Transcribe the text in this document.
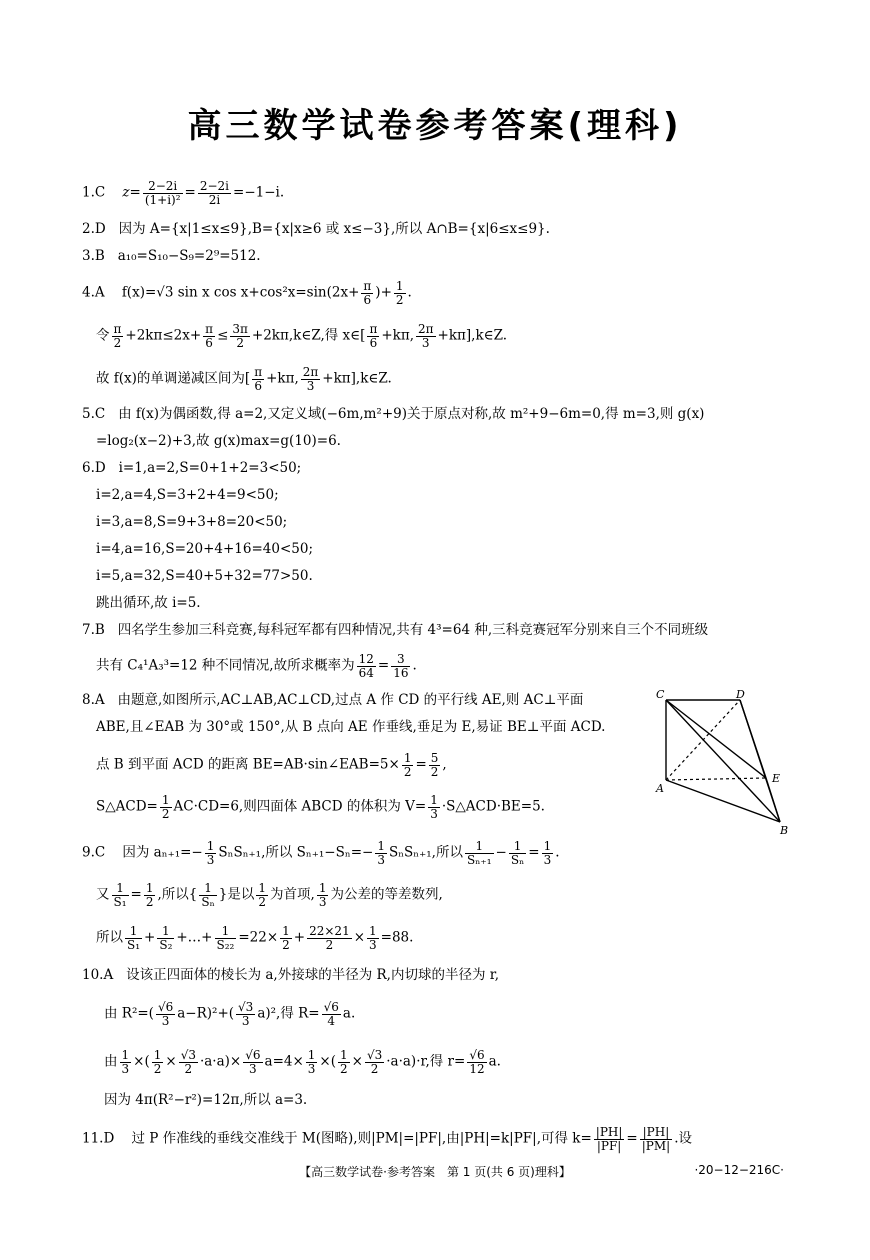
高三数学试卷参考答案(理科)
1.C $z= \frac{2-2i}{\text{(1+i)²}} = \frac{2-2i}{2i} =-1-i$.
2.D 因为 A={x|1≤x≤9},B={x|x≥6 或 x≤−3},所以 A∩B={x|6≤x≤9}.
3.B a₁₀=S₁₀−S₉=2⁹=512.
4.A f(x)=√3 sin x $\cos x+\cos^2x=\sin(2x+ \frac{\pi}{6}$ )+ $\frac{1}{2}$ .
令 $\frac{\pi}{2} +2k\pi\le 2x+ \frac{\pi}{6} \le \frac{3\pi}{2}$ +2kπ,k∈Z,得 x∈[ $\frac{\pi}{6} +k\pi$, $\frac{2\pi}{3}$ +kπ],k∈Z.
故 f(x)的单调递减区间为[ $\frac{\pi}{6} +k\pi$, $\frac{2\pi}{3}$ +kπ],k∈Z.
5.C 由 f(x)为偶函数,得 a=2,又定义域(−6m,m²+9)关于原点对称,故 m²+9−6m=0,得 m=3,则 g(x)
=log₂(x−2)+3,故 g(x)max=g(10)=6.
6.D i=1,a=2,S=0+1+2=3<50;
i=2,a=4,S=3+2+4=9<50;
i=3,a=8,S=9+3+8=20<50;
i=4,a=16,S=20+4+16=40<50;
i=5,a=32,S=40+5+32=77>50.
跳出循环,故 i=5.
7.B 四名学生参加三科竞赛,每科冠军都有四种情况,共有 4³=64 种,三科竞赛冠军分别来自三个不同班级
共有 C₄¹A₃³=12 种不同情况,故所求概率为 $\frac{12}{64} = \frac{3}{16}$ .
8.A 由题意,如图所示,AC⊥AB,AC⊥CD,过点 A 作 CD 的平行线 AE,则 AC⊥平面
ABE,且∠EAB 为 30°或 150°,从 B 点向 AE 作垂线,垂足为 E,易证 BE⊥平面 ACD.
点 B 到平面 ACD 的距离 BE=AB·sin∠EAB=5× $\frac{1}{2} = \frac{5}{2}$ ,
S△ACD= $\frac{1}{2} AC\cdot CD=6$,则四面体 ABCD 的体积为 $V= \frac{1}{3}$ ·S△ACD·BE=5.
C	D
E
A
B
9.C 因为 $a_{n+1}=- \frac{1}{3} S_nS_{n+1}$,所以 $S_{n+1}-S_n=- \frac{1}{3} S_nS_{n+1}$,所以 $\frac{1}{\text{Sₙ₊₁}} - \frac{1}{\text{Sₙ}} = \frac{1}{3}$ .
又 $\frac{1}{\text{S₁}} = \frac{1}{2}$ ,所以{ $\frac{1}{\text{Sₙ}}$ }是以 $\frac{1}{2}$ 为首项, $\frac{1}{3}$ 为公差的等差数列,
所以 $\frac{1}{\text{S₁}} + \frac{1}{\text{S₂}}$ +…+ $\frac{1}{\text{S₂₂}} =22\times \frac{1}{2} + \frac{22\times 21}{2} \times \frac{1}{3} =88$.
10.A 设该正四面体的棱长为 a,外接球的半径为 R,内切球的半径为 r,
由 $R^2=( \frac{√6}{3} a-R)^2+( \frac{√3}{3} a)^2$,得 $R= \frac{√6}{4} a$.
由 $\frac{1}{3}$ ×( $\frac{1}{2} \times \frac{√3}{2} \cdot a\cdot a)\times \frac{√6}{3} a=4\times \frac{1}{3}$ ×( $\frac{1}{2} \times \frac{√3}{2} \cdot a\cdot a)\cdot r$,得 $r= \frac{√6}{12} a$.
因为 4π(R²−r²)=12π,所以 a=3.
11.D 过 P 作准线的垂线交准线于 M(图略),则|PM|=|PF|,由|PH|=k|PF|,可得 $k= \frac{|PH|}{|PF|} = \frac{|PH|}{|PM|}$ .设
【高三数学试卷·参考答案　第 1 页(共 6 页)理科】	·20−12−216C·
